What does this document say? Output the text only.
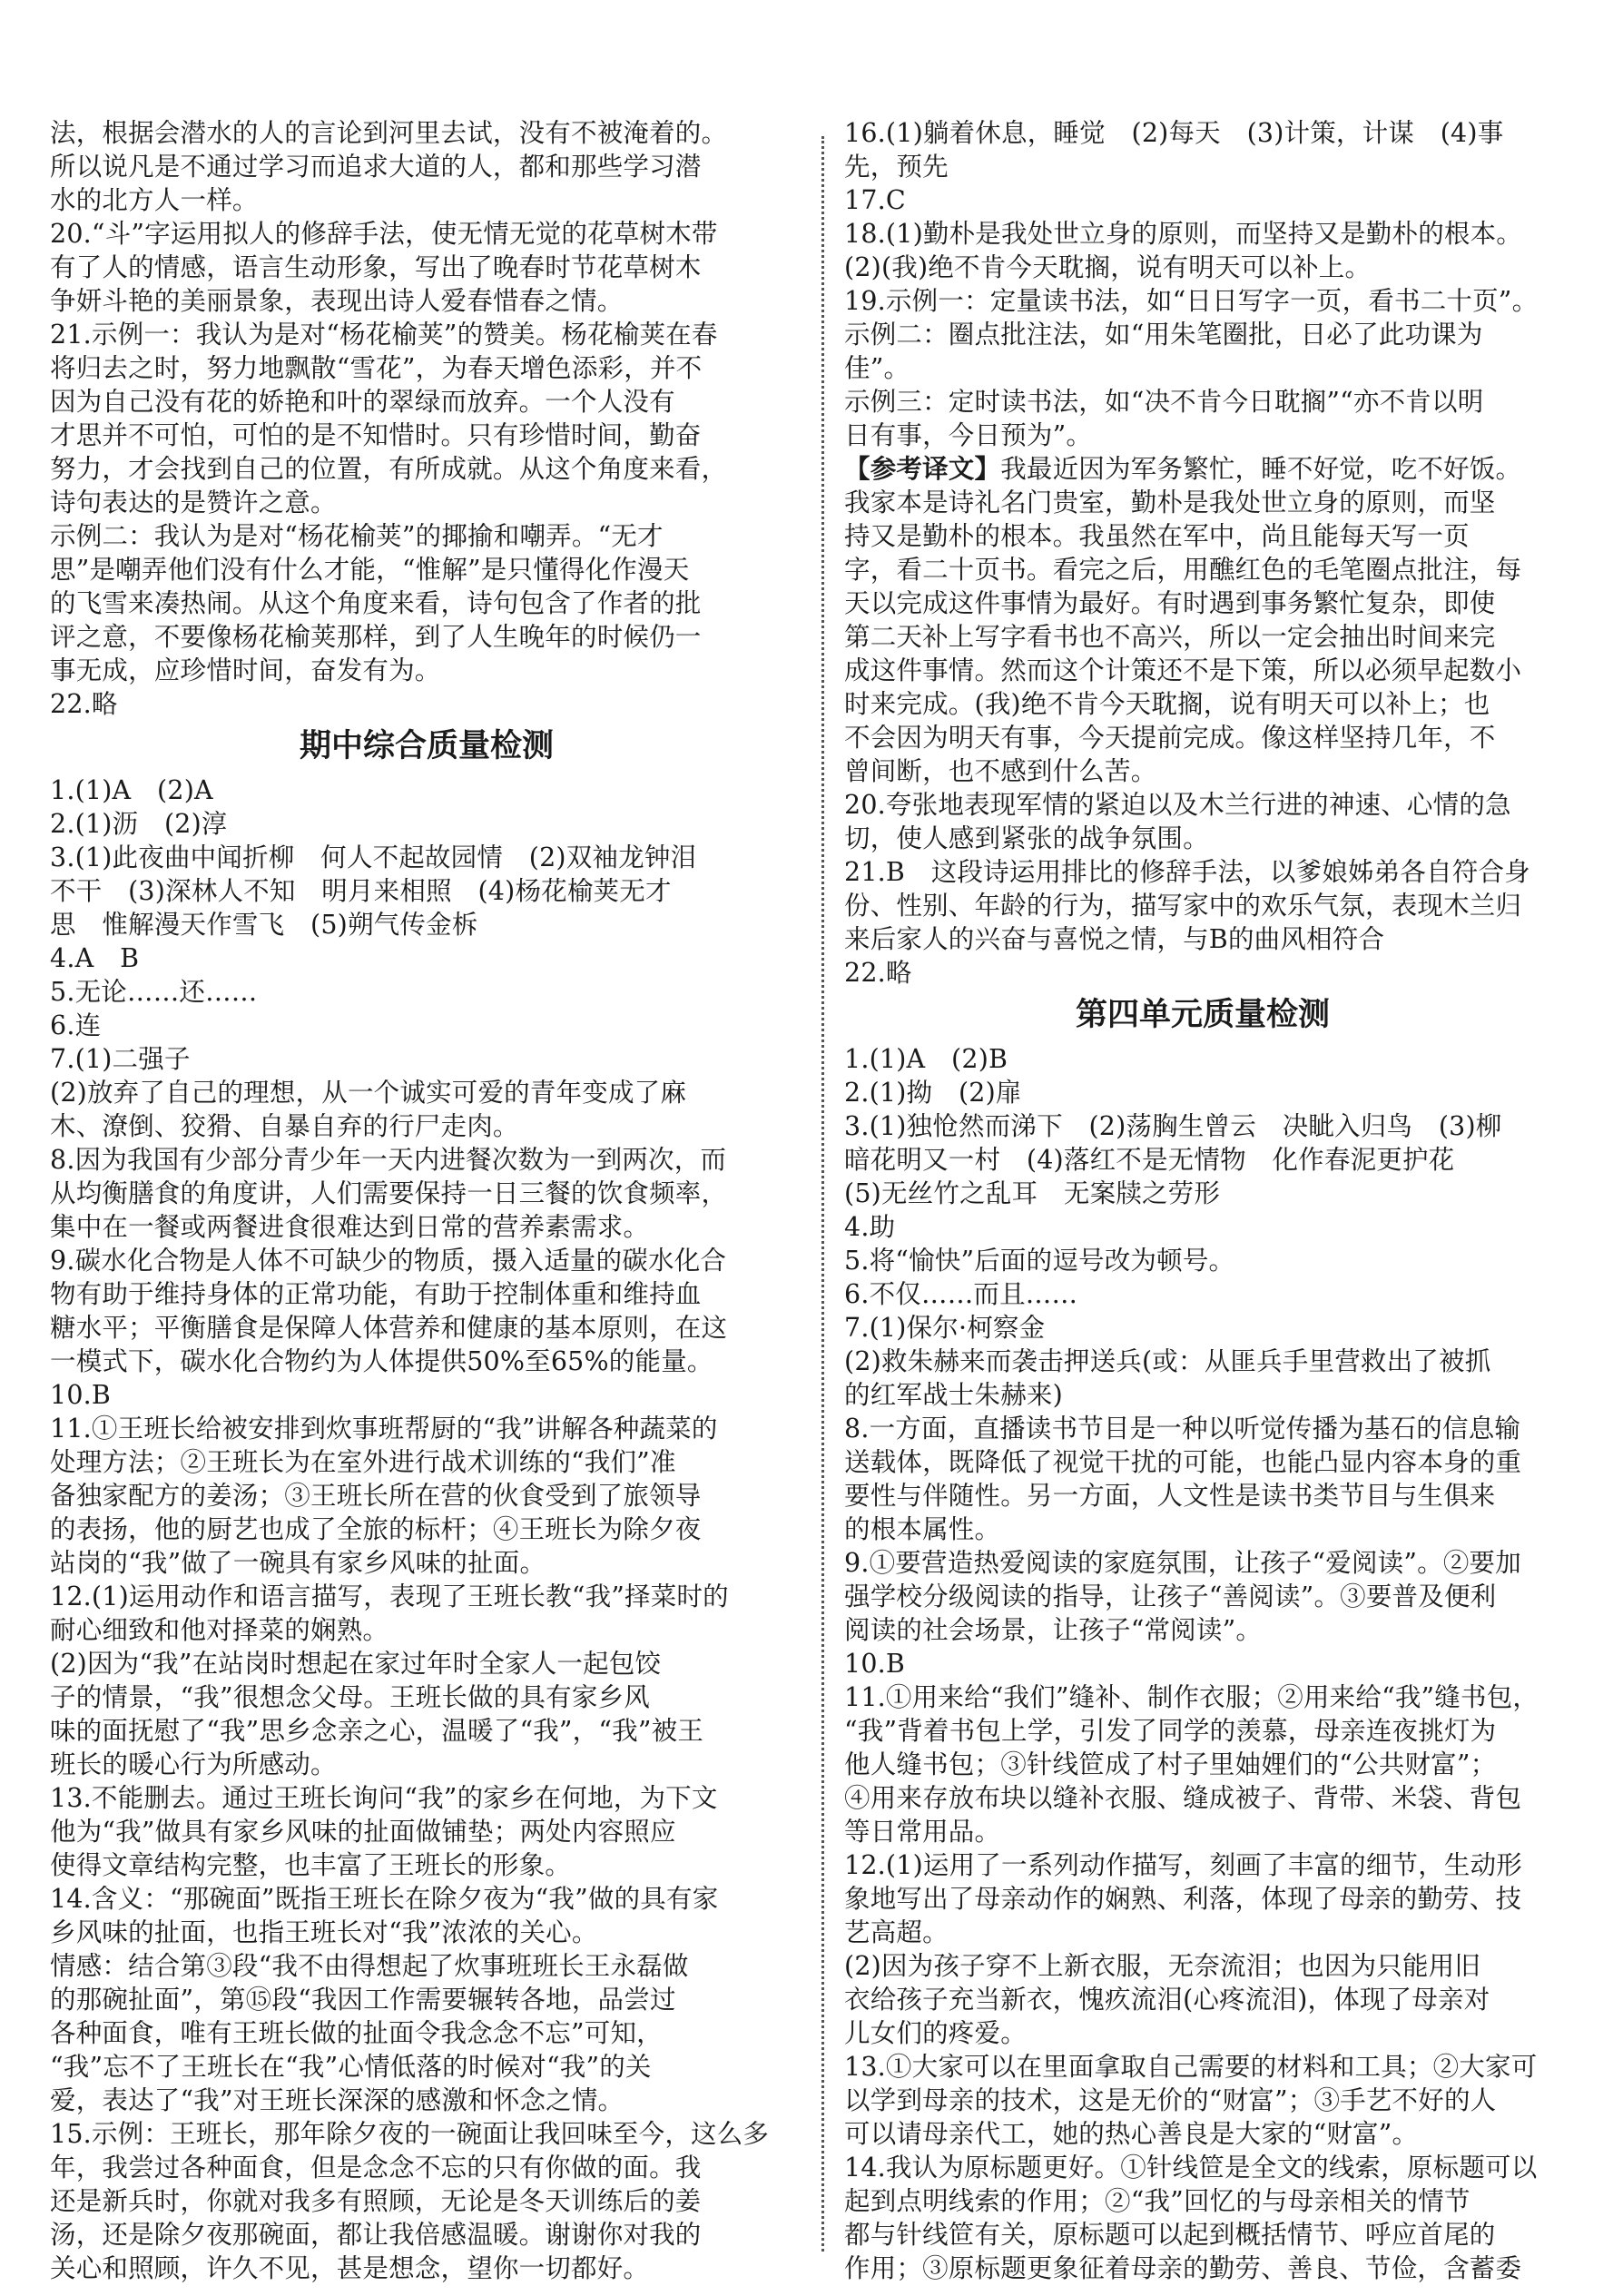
法，根据会潜水的人的言论到河里去试，没有不被淹着的。
所以说凡是不通过学习而追求大道的人，都和那些学习潜
水的北方人一样。
20.“斗”字运用拟人的修辞手法，使无情无觉的花草树木带
有了人的情感，语言生动形象，写出了晚春时节花草树木
争妍斗艳的美丽景象，表现出诗人爱春惜春之情。
21.示例一：我认为是对“杨花榆荚”的赞美。杨花榆荚在春
将归去之时，努力地飘散“雪花”，为春天增色添彩，并不
因为自己没有花的娇艳和叶的翠绿而放弃。一个人没有
才思并不可怕，可怕的是不知惜时。只有珍惜时间，勤奋
努力，才会找到自己的位置，有所成就。从这个角度来看，
诗句表达的是赞许之意。
示例二：我认为是对“杨花榆荚”的揶揄和嘲弄。“无才
思”是嘲弄他们没有什么才能，“惟解”是只懂得化作漫天
的飞雪来凑热闹。从这个角度来看，诗句包含了作者的批
评之意，不要像杨花榆荚那样，到了人生晚年的时候仍一
事无成，应珍惜时间，奋发有为。
22.略
期中综合质量检测
1.(1)A　(2)A
2.(1)沥　(2)淳
3.(1)此夜曲中闻折柳　何人不起故园情　(2)双袖龙钟泪
不干　(3)深林人不知　明月来相照　(4)杨花榆荚无才
思　惟解漫天作雪飞　(5)朔气传金柝
4.A　B
5.无论……还……
6.连
7.(1)二强子
(2)放弃了自己的理想，从一个诚实可爱的青年变成了麻
木、潦倒、狡猾、自暴自弃的行尸走肉。
8.因为我国有少部分青少年一天内进餐次数为一到两次，而
从均衡膳食的角度讲，人们需要保持一日三餐的饮食频率，
集中在一餐或两餐进食很难达到日常的营养素需求。
9.碳水化合物是人体不可缺少的物质，摄入适量的碳水化合
物有助于维持身体的正常功能，有助于控制体重和维持血
糖水平；平衡膳食是保障人体营养和健康的基本原则，在这
一模式下，碳水化合物约为人体提供50%至65%的能量。
10.B
11.①王班长给被安排到炊事班帮厨的“我”讲解各种蔬菜的
处理方法；②王班长为在室外进行战术训练的“我们”准
备独家配方的姜汤；③王班长所在营的伙食受到了旅领导
的表扬，他的厨艺也成了全旅的标杆；④王班长为除夕夜
站岗的“我”做了一碗具有家乡风味的扯面。
12.(1)运用动作和语言描写，表现了王班长教“我”择菜时的
耐心细致和他对择菜的娴熟。
(2)因为“我”在站岗时想起在家过年时全家人一起包饺
子的情景，“我”很想念父母。王班长做的具有家乡风
味的面抚慰了“我”思乡念亲之心，温暖了“我”，“我”被王
班长的暖心行为所感动。
13.不能删去。通过王班长询问“我”的家乡在何地，为下文
他为“我”做具有家乡风味的扯面做铺垫；两处内容照应
使得文章结构完整，也丰富了王班长的形象。
14.含义：“那碗面”既指王班长在除夕夜为“我”做的具有家
乡风味的扯面，也指王班长对“我”浓浓的关心。
情感：结合第③段“我不由得想起了炊事班班长王永磊做
的那碗扯面”，第⑮段“我因工作需要辗转各地，品尝过
各种面食，唯有王班长做的扯面令我念念不忘”可知，
“我”忘不了王班长在“我”心情低落的时候对“我”的关
爱，表达了“我”对王班长深深的感激和怀念之情。
15.示例：王班长，那年除夕夜的一碗面让我回味至今，这么多
年，我尝过各种面食，但是念念不忘的只有你做的面。我
还是新兵时，你就对我多有照顾，无论是冬天训练后的姜
汤，还是除夕夜那碗面，都让我倍感温暖。谢谢你对我的
关心和照顾，许久不见，甚是想念，望你一切都好。
16.(1)躺着休息，睡觉　(2)每天　(3)计策，计谋　(4)事
先，预先
17.C
18.(1)勤朴是我处世立身的原则，而坚持又是勤朴的根本。
(2)(我)绝不肯今天耽搁，说有明天可以补上。
19.示例一：定量读书法，如“日日写字一页，看书二十页”。
示例二：圈点批注法，如“用朱笔圈批，日必了此功课为
佳”。
示例三：定时读书法，如“决不肯今日耽搁”“亦不肯以明
日有事，今日预为”。
【参考译文】我最近因为军务繁忙，睡不好觉，吃不好饭。
我家本是诗礼名门贵室，勤朴是我处世立身的原则，而坚
持又是勤朴的根本。我虽然在军中，尚且能每天写一页
字，看二十页书。看完之后，用醮红色的毛笔圈点批注，每
天以完成这件事情为最好。有时遇到事务繁忙复杂，即使
第二天补上写字看书也不高兴，所以一定会抽出时间来完
成这件事情。然而这个计策还不是下策，所以必须早起数小
时来完成。(我)绝不肯今天耽搁，说有明天可以补上；也
不会因为明天有事，今天提前完成。像这样坚持几年，不
曾间断，也不感到什么苦。
20.夸张地表现军情的紧迫以及木兰行进的神速、心情的急
切，使人感到紧张的战争氛围。
21.B　这段诗运用排比的修辞手法，以爹娘姊弟各自符合身
份、性别、年龄的行为，描写家中的欢乐气氛，表现木兰归
来后家人的兴奋与喜悦之情，与B的曲风相符合
22.略
第四单元质量检测
1.(1)A　(2)B
2.(1)拗　(2)扉
3.(1)独怆然而涕下　(2)荡胸生曾云　决眦入归鸟　(3)柳
暗花明又一村　(4)落红不是无情物　化作春泥更护花
(5)无丝竹之乱耳　无案牍之劳形
4.助
5.将“愉快”后面的逗号改为顿号。
6.不仅……而且……
7.(1)保尔·柯察金
(2)救朱赫来而袭击押送兵(或：从匪兵手里营救出了被抓
的红军战士朱赫来)
8.一方面，直播读书节目是一种以听觉传播为基石的信息输
送载体，既降低了视觉干扰的可能，也能凸显内容本身的重
要性与伴随性。另一方面，人文性是读书类节目与生俱来
的根本属性。
9.①要营造热爱阅读的家庭氛围，让孩子“爱阅读”。②要加
强学校分级阅读的指导，让孩子“善阅读”。③要普及便利
阅读的社会场景，让孩子“常阅读”。
10.B
11.①用来给“我们”缝补、制作衣服；②用来给“我”缝书包，
“我”背着书包上学，引发了同学的羡慕，母亲连夜挑灯为
他人缝书包；③针线笸成了村子里妯娌们的“公共财富”；
④用来存放布块以缝补衣服、缝成被子、背带、米袋、背包
等日常用品。
12.(1)运用了一系列动作描写，刻画了丰富的细节，生动形
象地写出了母亲动作的娴熟、利落，体现了母亲的勤劳、技
艺高超。
(2)因为孩子穿不上新衣服，无奈流泪；也因为只能用旧
衣给孩子充当新衣，愧疚流泪(心疼流泪)，体现了母亲对
儿女们的疼爱。
13.①大家可以在里面拿取自己需要的材料和工具；②大家可
以学到母亲的技术，这是无价的“财富”；③手艺不好的人
可以请母亲代工，她的热心善良是大家的“财富”。
14.我认为原标题更好。①针线笸是全文的线索，原标题可以
起到点明线索的作用；②“我”回忆的与母亲相关的情节
都与针线笸有关，原标题可以起到概括情节、呼应首尾的
作用；③原标题更象征着母亲的勤劳、善良、节俭，含蓄委
